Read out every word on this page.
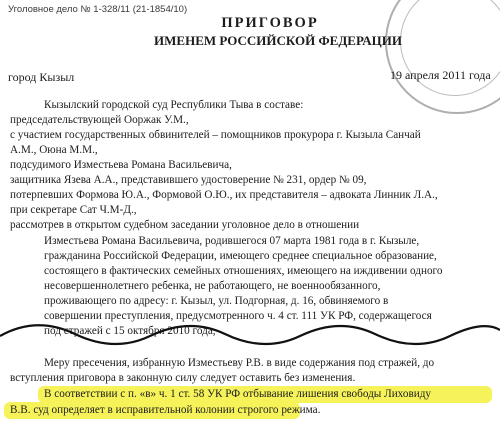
Уголовное дело № 1-328/11 (21-1854/10)
ПРИГОВОР
ИМЕНЕМ РОССИЙСКОЙ ФЕДЕРАЦИИ
город Кызыл	19 апреля 2011 года
Кызылский городской суд Республики Тыва в составе:
председательствующей Ооржак У.М.,
с участием государственных обвинителей – помощников прокурора г. Кызыла Санчай
А.М., Оюна М.М.,
подсудимого Изместьева Романа Васильевича,
защитника Язева А.А., представившего удостоверение № 231, ордер № 09,
потерпевших Формова Ю.А., Формовой О.Ю., их представителя – адвоката Линник Л.А.,
при секретаре Сат Ч.М-Д.,
рассмотрев в открытом судебном заседании уголовное дело в отношении
Изместьева Романа Васильевича, родившегося 07 марта 1981 года в г. Кызыле,
гражданина Российской Федерации, имеющего среднее специальное образование,
состоящего в фактических семейных отношениях, имеющего на иждивении одного
несовершеннолетнего ребенка, не работающего, не военнообязанного,
проживающего по адресу: г. Кызыл, ул. Подгорная, д. 16, обвиняемого в
совершении преступления, предусмотренного ч. 4 ст. 111 УК РФ, содержащегося
под стражей с 15 октября 2010 года,
Меру пресечения, избранную Изместьеву Р.В. в виде содержания под стражей, до
вступления приговора в законную силу следует оставить без изменения.
В соответствии с п. «в» ч. 1 ст. 58 УК РФ отбывание лишения свободы Лиховиду
В.В. суд определяет в исправительной колонии строгого режима.
